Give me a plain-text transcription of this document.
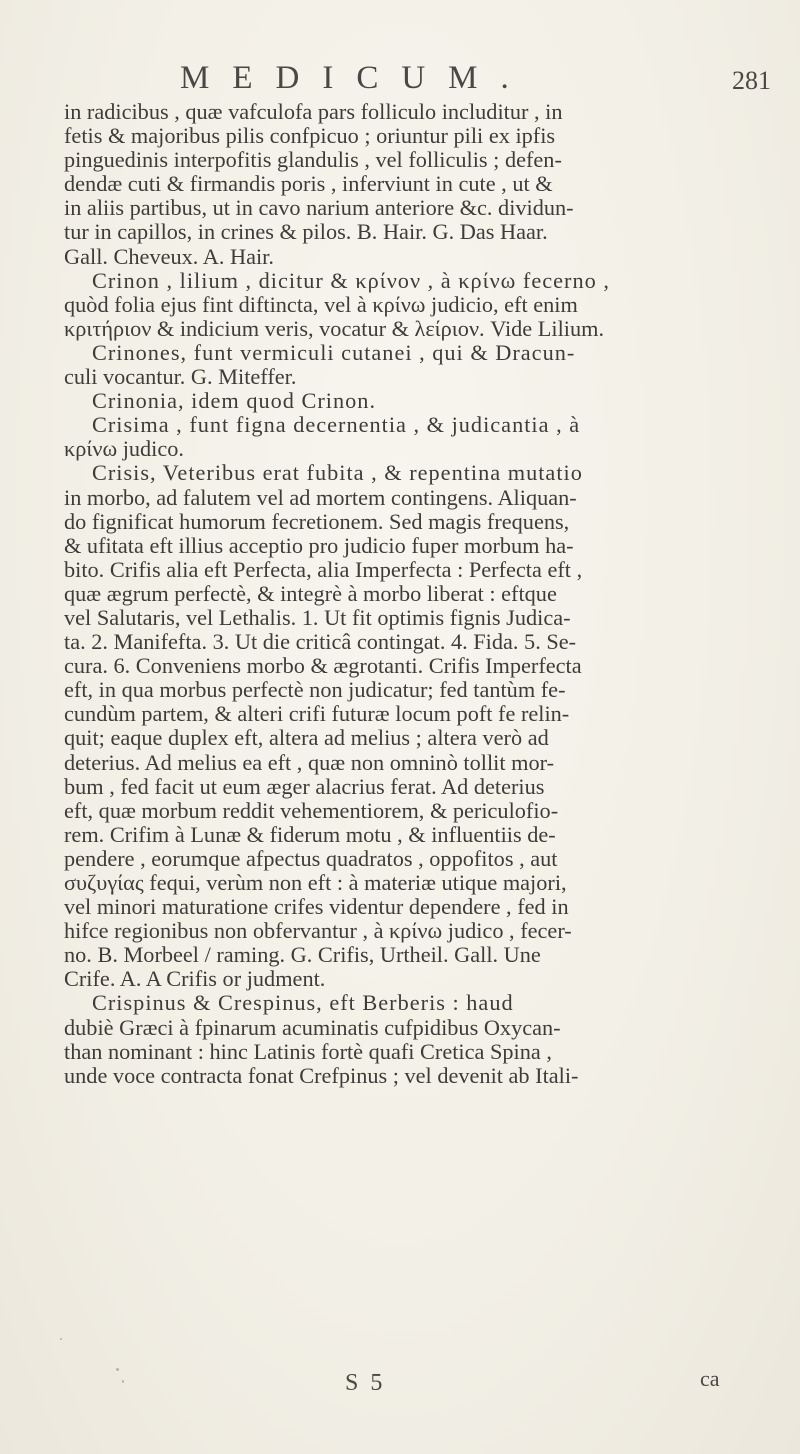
MEDICUM.	281
in radicibus , quæ vafculofa pars folliculo includitur , in
fetis & majoribus pilis confpicuo ; oriuntur pili ex ipfis
pinguedinis interpofitis glandulis , vel folliculis ; defen-
dendæ cuti & firmandis poris , inferviunt in cute , ut &
in aliis partibus, ut in cavo narium anteriore &c. dividun-
tur in capillos, in crines & pilos. B. Hair. G. Das Haar.
Gall. Cheveux. A. Hair.
Crinon , lilium , dicitur & κρίνον , à κρίνω fecerno ,
quòd folia ejus fint diftincta, vel à κρίνω judicio, eft enim
κριτήριον & indicium veris, vocatur & λείριον. Vide Lilium.
Crinones, funt vermiculi cutanei , qui & Dracun-
culi vocantur. G. Miteffer.
Crinonia, idem quod Crinon.
Crisima , funt figna decernentia , & judicantia , à
κρίνω judico.
Crisis, Veteribus erat fubita , & repentina mutatio
in morbo, ad falutem vel ad mortem contingens. Aliquan-
do fignificat humorum fecretionem. Sed magis frequens,
& ufitata eft illius acceptio pro judicio fuper morbum ha-
bito. Crifis alia eft Perfecta, alia Imperfecta : Perfecta eft ,
quæ ægrum perfectè, & integrè à morbo liberat : eftque
vel Salutaris, vel Lethalis. 1. Ut fit optimis fignis Judica-
ta. 2. Manifefta. 3. Ut die criticâ contingat. 4. Fida. 5. Se-
cura. 6. Conveniens morbo & ægrotanti. Crifis Imperfecta
eft, in qua morbus perfectè non judicatur; fed tantùm fe-
cundùm partem, & alteri crifi futuræ locum poft fe relin-
quit; eaque duplex eft, altera ad melius ; altera verò ad
deterius. Ad melius ea eft , quæ non omninò tollit mor-
bum , fed facit ut eum æger alacrius ferat. Ad deterius
eft, quæ morbum reddit vehementiorem, & periculofio-
rem. Crifim à Lunæ & fiderum motu , & influentiis de-
pendere , eorumque afpectus quadratos , oppofitos , aut
συζυγίας fequi, verùm non eft : à materiæ utique majori,
vel minori maturatione crifes videntur dependere , fed in
hifce regionibus non obfervantur , à κρίνω judico , fecer-
no. B. Morbeel / raming. G. Crifis, Urtheil. Gall. Une
Crife. A. A Crifis or judment.
Crispinus & Crespinus, eft Berberis : haud
dubiè Græci à fpinarum acuminatis cufpidibus Oxycan-
than nominant : hinc Latinis fortè quafi Cretica Spina ,
unde voce contracta fonat Crefpinus ; vel devenit ab Itali-
S 5	ca
